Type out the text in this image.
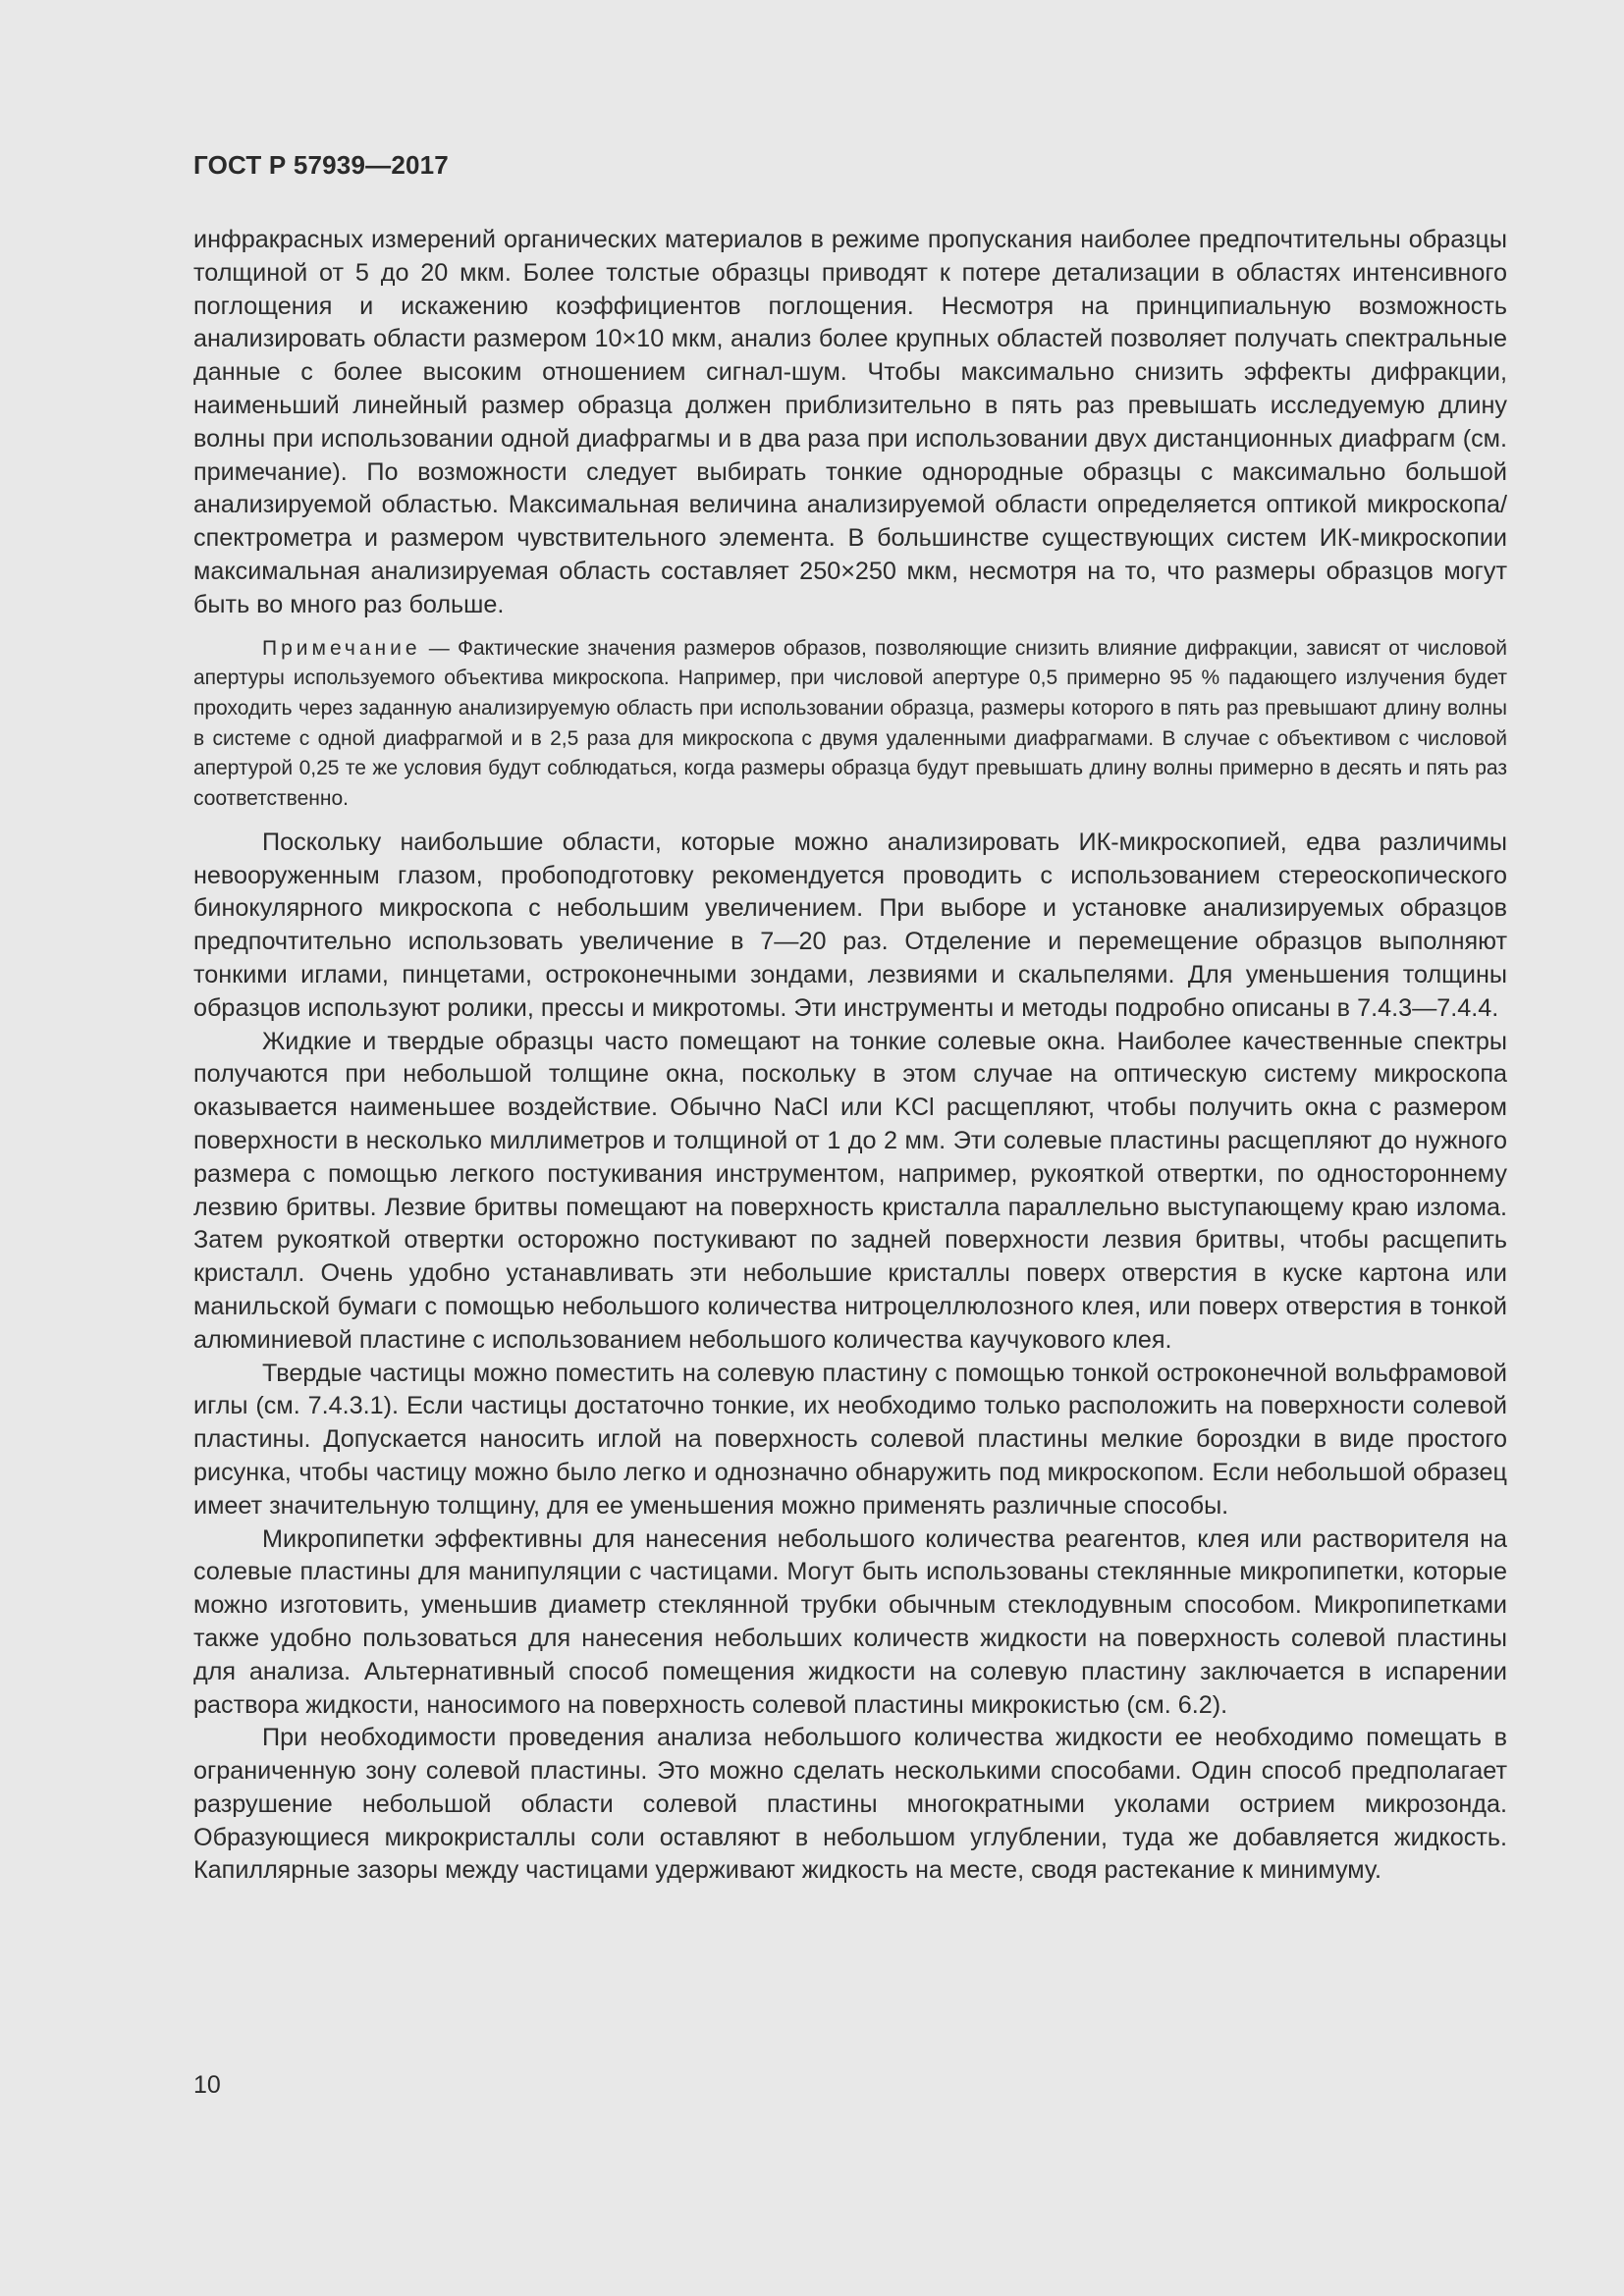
ГОСТ Р 57939—2017

инфракрасных измерений органических материалов в режиме пропускания наиболее предпочтительны образцы толщиной от 5 до 20 мкм. Более толстые образцы приводят к потере детализации в областях интенсивного поглощения и искажению коэффициентов поглощения. Несмотря на принципиальную возможность анализировать области размером 10×10 мкм, анализ более крупных областей позволяет получать спектральные данные с более высоким отношением сигнал-шум. Чтобы максимально снизить эффекты дифракции, наименьший линейный размер образца должен приблизительно в пять раз превышать исследуемую длину волны при использовании одной диафрагмы и в два раза при использовании двух дистанционных диафрагм (см. примечание). По возможности следует выбирать тонкие однородные образцы с максимально большой анализируемой областью. Максимальная величина анализируемой области определяется оптикой микроскопа/спектрометра и размером чувствительного элемента. В большинстве существующих систем ИК-микроскопии максимальная анализируемая область составляет 250×250 мкм, несмотря на то, что размеры образцов могут быть во много раз больше.

Примечание — Фактические значения размеров образов, позволяющие снизить влияние дифракции, зависят от числовой апертуры используемого объектива микроскопа. Например, при числовой апертуре 0,5 примерно 95 % падающего излучения будет проходить через заданную анализируемую область при использовании образца, размеры которого в пять раз превышают длину волны в системе с одной диафрагмой и в 2,5 раза для микроскопа с двумя удаленными диафрагмами. В случае с объективом с числовой апертурой 0,25 те же условия будут соблюдаться, когда размеры образца будут превышать длину волны примерно в десять и пять раз соответственно.

Поскольку наибольшие области, которые можно анализировать ИК-микроскопией, едва различимы невооруженным глазом, пробоподготовку рекомендуется проводить с использованием стереоскопического бинокулярного микроскопа с небольшим увеличением. При выборе и установке анализируемых образцов предпочтительно использовать увеличение в 7—20 раз. Отделение и перемещение образцов выполняют тонкими иглами, пинцетами, остроконечными зондами, лезвиями и скальпелями. Для уменьшения толщины образцов используют ролики, прессы и микротомы. Эти инструменты и методы подробно описаны в 7.4.3—7.4.4.

Жидкие и твердые образцы часто помещают на тонкие солевые окна. Наиболее качественные спектры получаются при небольшой толщине окна, поскольку в этом случае на оптическую систему микроскопа оказывается наименьшее воздействие. Обычно NaCl или KCl расщепляют, чтобы получить окна с размером поверхности в несколько миллиметров и толщиной от 1 до 2 мм. Эти солевые пластины расщепляют до нужного размера с помощью легкого постукивания инструментом, например, рукояткой отвертки, по одностороннему лезвию бритвы. Лезвие бритвы помещают на поверхность кристалла параллельно выступающему краю излома. Затем рукояткой отвертки осторожно постукивают по задней поверхности лезвия бритвы, чтобы расщепить кристалл. Очень удобно устанавливать эти небольшие кристаллы поверх отверстия в куске картона или манильской бумаги с помощью небольшого количества нитроцеллюлозного клея, или поверх отверстия в тонкой алюминиевой пластине с использованием небольшого количества каучукового клея.

Твердые частицы можно поместить на солевую пластину с помощью тонкой остроконечной вольфрамовой иглы (см. 7.4.3.1). Если частицы достаточно тонкие, их необходимо только расположить на поверхности солевой пластины. Допускается наносить иглой на поверхность солевой пластины мелкие бороздки в виде простого рисунка, чтобы частицу можно было легко и однозначно обнаружить под микроскопом. Если небольшой образец имеет значительную толщину, для ее уменьшения можно применять различные способы.

Микропипетки эффективны для нанесения небольшого количества реагентов, клея или растворителя на солевые пластины для манипуляции с частицами. Могут быть использованы стеклянные микропипетки, которые можно изготовить, уменьшив диаметр стеклянной трубки обычным стеклодувным способом. Микропипетками также удобно пользоваться для нанесения небольших количеств жидкости на поверхность солевой пластины для анализа. Альтернативный способ помещения жидкости на солевую пластину заключается в испарении раствора жидкости, наносимого на поверхность солевой пластины микрокистью (см. 6.2).

При необходимости проведения анализа небольшого количества жидкости ее необходимо помещать в ограниченную зону солевой пластины. Это можно сделать несколькими способами. Один способ предполагает разрушение небольшой области солевой пластины многократными уколами острием микрозонда. Образующиеся микрокристаллы соли оставляют в небольшом углублении, туда же добавляется жидкость. Капиллярные зазоры между частицами удерживают жидкость на месте, сводя растекание к минимуму.

10
